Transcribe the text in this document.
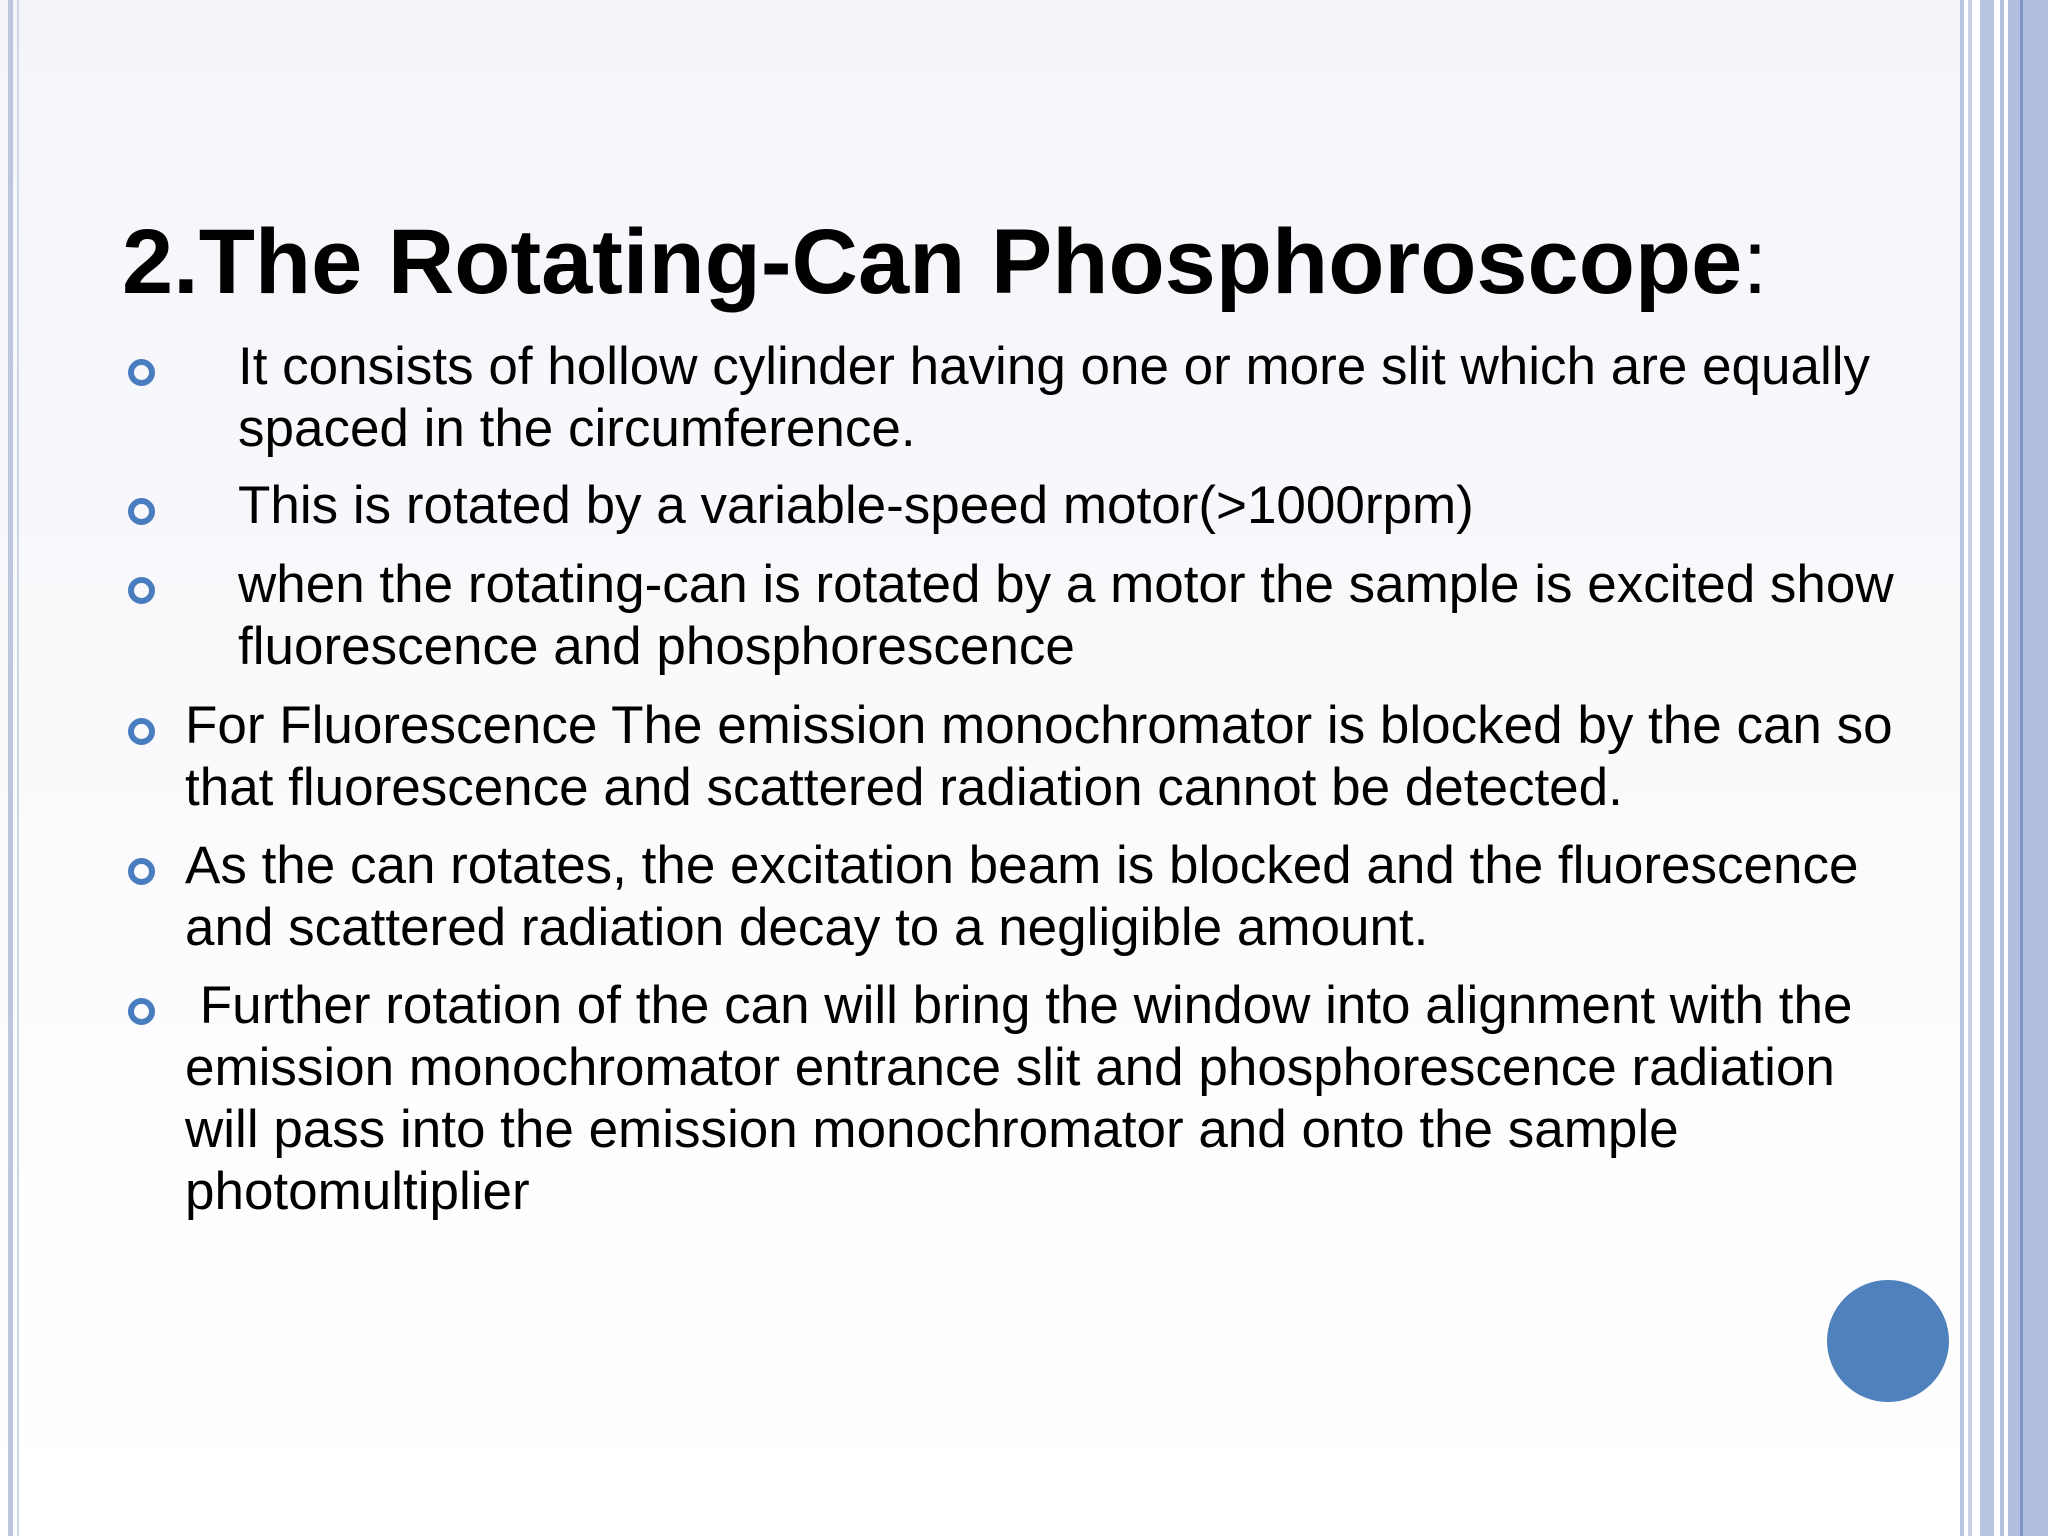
2.The Rotating-Can Phosphoroscope:
It consists of hollow cylinder having one or more slit which are equally spaced in the circumference.
This is rotated by a variable-speed motor(>1000rpm)
when the rotating-can is rotated by a motor the sample is excited show fluorescence and phosphorescence
For Fluorescence The emission monochromator is blocked by the can so that fluorescence and scattered radiation cannot be detected.
As the can rotates, the excitation beam is blocked and the fluorescence and scattered radiation decay to a negligible amount.
Further rotation of the can will bring the window into alignment with the emission monochromator entrance slit and phosphorescence radiation will pass into the emission monochromator and onto the sample photomultiplier
